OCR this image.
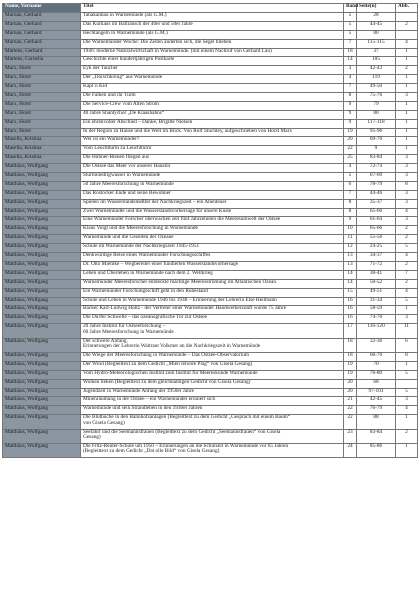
Name, Vorname	Titel	Band	Seite(n)	Abb.
Marnau, Gerhard	Tabakanbau in Warnemünde (als G.M.)	5	28	
Marnau, Gerhard	Das Kurhaus im Ballrausch der 40er und 50er Jahre	5	44-45	2
Marnau, Gerhard	Hechtangeln in Warnemünde (als G.M.)	5	80	
Marnau, Gerhard	Die Warnemünder Woche: Die Zeiten änderten sich, die Segel blieben	7	115-115	4
Martens, Gerhard	1946: moderne Naturalwirtschaft in Warnemünde. (mit einem Nachruf von Gerhard Lau)	18	37	1
Martens, Cornelia	Geschichte einer hundertjährigen Postkarte	14	105	1
Marx, Horst	Eyk der Taucher	3	42-43	2
Marx, Horst	Der „Dorschkönig“ aus Warnemünde	4	119	1
Marx, Horst	Käpt´n Kid	7	49-50	1
Marx, Horst	Die Falken und ihr Turm	8	75-76	3
Marx, Horst	Die Service-Crew vom Alten Strom	9	79	1
Marx, Horst	40 Jahre Shantychor „De Klaashahns“	9	80	1
Marx, Horst	Ein ehrenvoller Abschied – Danke, Brigitte Nielsen	9	117-118	1
Marx, Horst	In der Region zu Hause und die Welt im Blick. Von Rolf Stuchtey, aufgeschrieben von Horst Marx	19	95-96	1
Masella, Kristina	Wer ist ein Warnemünder?	20	69-70	1
Masella, Kristina	Vom Leuchtturm zu Leuchtturm	22	9	1
Masella, Kristina	Die Hübner-Bienen fliegen aus	25	83-84	3
Matthäus, Wolfgang	Die Ostsee das Meer vor unserer Haustür	4	72-74	3
Matthäus, Wolfgang	Sturmniedrigwasser in Warnemünde	5	67-69	3
Matthäus, Wolfgang	50 Jahre Meeresforschung in Warnemünde	6	78-79	8
Matthäus, Wolfgang	Das Rostocker Ende und seine Bewohner	7	44-46	3
Matthäus, Wolfgang	Spielen im Wasserstandsmeßfer der Nachkriegszeit – ein Abenteuer	8	35-37	3
Matthäus, Wolfgang	Zwei Warnemünder und die Wasserstandsvorhersage für unsere Küste	8	65-66	4
Matthäus, Wolfgang	Eine Warnemünder Forscher überwachen seit fünf Jahrzehnten die Meeresumwelt der Ostsee	9	61-64	3
Matthäus, Wolfgang	Klaus Voigt und die Meeresforschung in Warnemünde	10	65-66	2
Matthäus, Wolfgang	Warnemünde und die Gezeiten der Ozeane	11	55-56	2
Matthäus, Wolfgang	Schule im Warnemünde der Nachkriegszeit 1945-1951	12	24-25	5
Matthäus, Wolfgang	Denkwürdige Reise eines Warnemünder Forschungsschiffes	13	34-37	4
Matthäus, Wolfgang	Dr. Otto Miehlke – Wegbereiter einer fundierten Wasserstandsvorhersage	13	71-72	2
Matthäus, Wolfgang	Leben und Überleben in Warnemünde nach dem 2. Weltkrieg	14	38-41	7
Matthäus, Wolfgang	Warnemünder Meeresforscher entdeckte mächtige Meeresströmung im Atlantischen Ozean	14	50-52	2
Matthäus, Wolfgang	Ein Warnemünder Forschungsschiff geht in den Ruhestand	15	49-51	4
Matthäus, Wolfgang	Schule und Leben in Warnemünde 1946 bis 1948 – Erinnerung der Lehrerin Else Heilmann	16	31-34	5
Matthäus, Wolfgang	Bäcker Karl-Ludwig Holtz - der Vertreter einer Warnemünder Handwerkerzunft wurde 75 Jahre	16	58-59	1
Matthäus, Wolfgang	Die Durfer Schwelle – das ozeanografische Tor zur Ostsee	16	74-76	3
Matthäus, Wolfgang	20 Jahre Institut für Ostseeforschung –
60 Jahre Meeresforschung in Warnemünde	17	116-120	11
Matthäus, Wolfgang	Der schwere Anfang.
Erinnerungen der Lehrerin Waltraut Volkmer an die Nachkriegszeit in Warnemünde	18	32-36	6
Matthäus, Wolfgang	Die Wiege der Meeresforschung in Warnemünde – Das Ostsee-Observatorium	18	66-70	8
Matthäus, Wolfgang	Der Wind (Begleittext zu dem Gedicht „Mien leiwste Plag“ von Gisela Gesang)	19	70	1
Matthäus, Wolfgang	Vom Hydro-Meteorologischen Institut zum Institut für Meereskunde Warnemünde	19	76-80	5
Matthäus, Wolfgang	Wolken lieken (Begleittext zu dem gleichnamigen Gedicht von Gisela Gesang)	20	68	
Matthäus, Wolfgang	Jugendzeit in Warnemünde Anfang der 1950er Jahre	20	97-101	5
Matthäus, Wolfgang	Minenräumung in der Ostsee – ein Warnemünder erinnert sich	21	42-45	3
Matthäus, Wolfgang	Warnemünde und sein Strandleben in den 1930er Jahren	22	76-79	4
Matthäus, Wolfgang	Die Blutbuche in den Bahnhofsanlagen (Begleittext zu dem Gedicht „Gespräch mit einem Baum“
von Gisela Gesang)	22	88	1
Matthäus, Wolfgang	Seefahrt und die Seemannsfrauen (Begleittext zu dem Gedicht „Seemannsfrauen“ von Gisela
Gesang)	23	83-84	2
Matthäus, Wolfgang	Die Fritz-Reuter-Schule um 1950 – Erinnerungen an die Schulzeit in Warnemünde vor 65 Jahren
(Begleittext zu dem Gedicht „Dat olle Bild“ von Gisela Gesang)	24	85-86	1
